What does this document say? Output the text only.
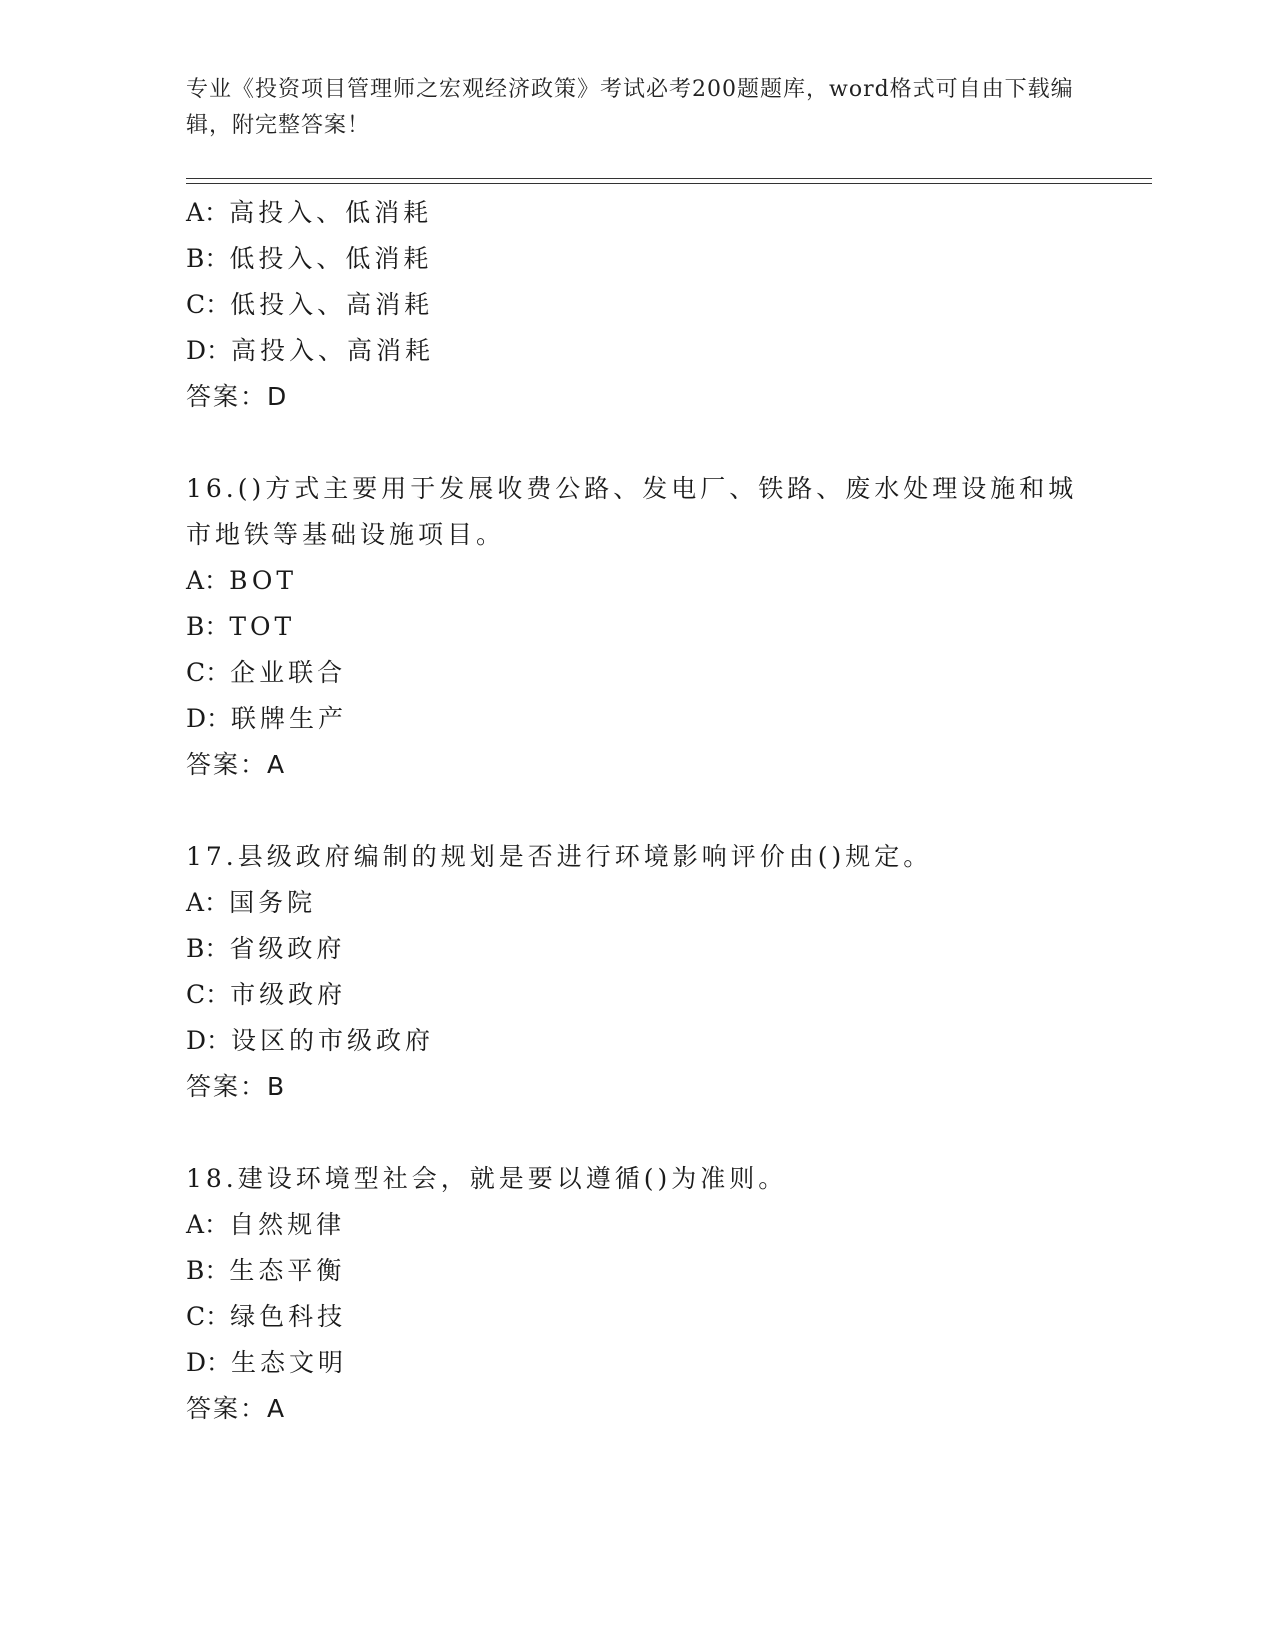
专业《投资项目管理师之宏观经济政策》考试必考200题题库，word格式可自由下载编辑，附完整答案！
A：高投入、低消耗
B：低投入、低消耗
C：低投入、高消耗
D：高投入、高消耗
答案：D
16.()方式主要用于发展收费公路、发电厂、铁路、废水处理设施和城市地铁等基础设施项目。
A：BOT
B：TOT
C：企业联合
D：联牌生产
答案：A
17.县级政府编制的规划是否进行环境影响评价由()规定。
A：国务院
B：省级政府
C：市级政府
D：设区的市级政府
答案：B
18.建设环境型社会，就是要以遵循()为准则。
A：自然规律
B：生态平衡
C：绿色科技
D：生态文明
答案：A
